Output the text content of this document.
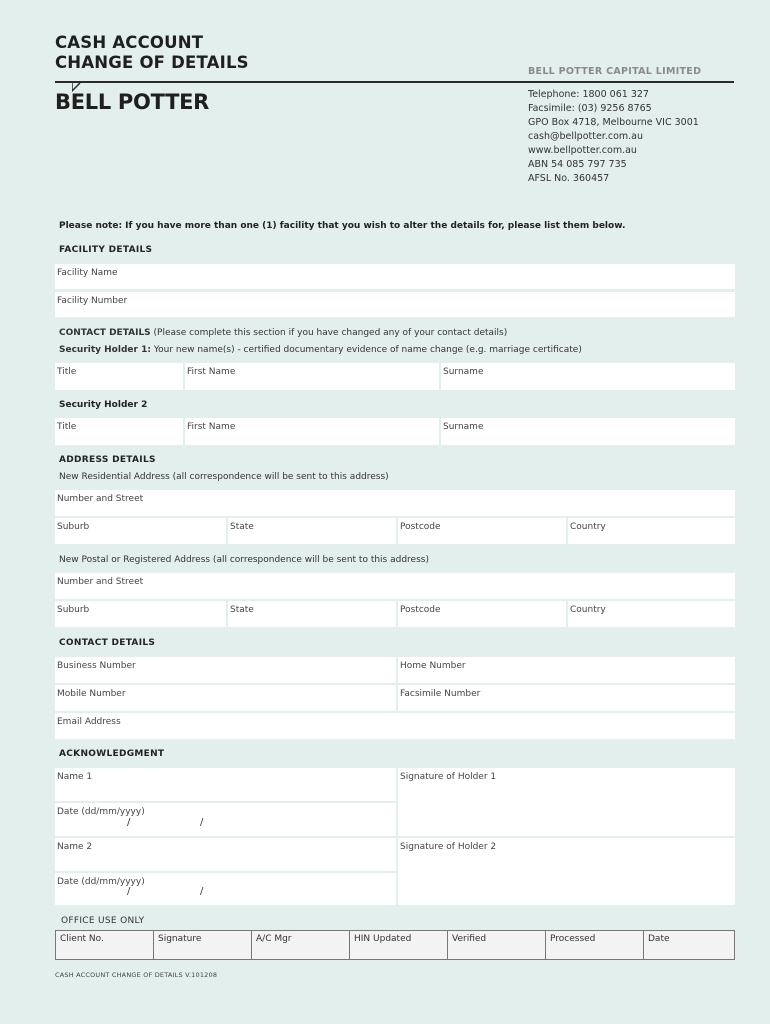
CASH ACCOUNT
CHANGE OF DETAILS	BELL POTTER CAPITAL LIMITED
BELL POTTER	Telephone: 1800 061 327
Facsimile: (03) 9256 8765
GPO Box 4718, Melbourne VIC 3001
cash@bellpotter.com.au
www.bellpotter.com.au
ABN 54 085 797 735
AFSL No. 360457
Please note: If you have more than one (1) facility that you wish to alter the details for, please list them below.
FACILITY DETAILS
Facility Name
Facility Number
CONTACT DETAILS (Please complete this section if you have changed any of your contact details)
Security Holder 1: Your new name(s) - certified documentary evidence of name change (e.g. marriage certificate)
Title	First Name	Surname
Security Holder 2
Title	First Name	Surname
ADDRESS DETAILS
New Residential Address (all correspondence will be sent to this address)
Number and Street
Suburb	State	Postcode	Country
New Postal or Registered Address (all correspondence will be sent to this address)
Number and Street
Suburb	State	Postcode	Country
CONTACT DETAILS
Business Number	Home Number
Mobile Number	Facsimile Number
Email Address
ACKNOWLEDGMENT
Name 1
Date (dd/mm/yyyy)
/	/
Signature of Holder 1
Name 2
Date (dd/mm/yyyy)
/	/
Signature of Holder 2
OFFICE USE ONLY
Client No.	Signature	A/C Mgr	HIN Updated	Verified	Processed	Date
CASH ACCOUNT CHANGE OF DETAILS V.101208
